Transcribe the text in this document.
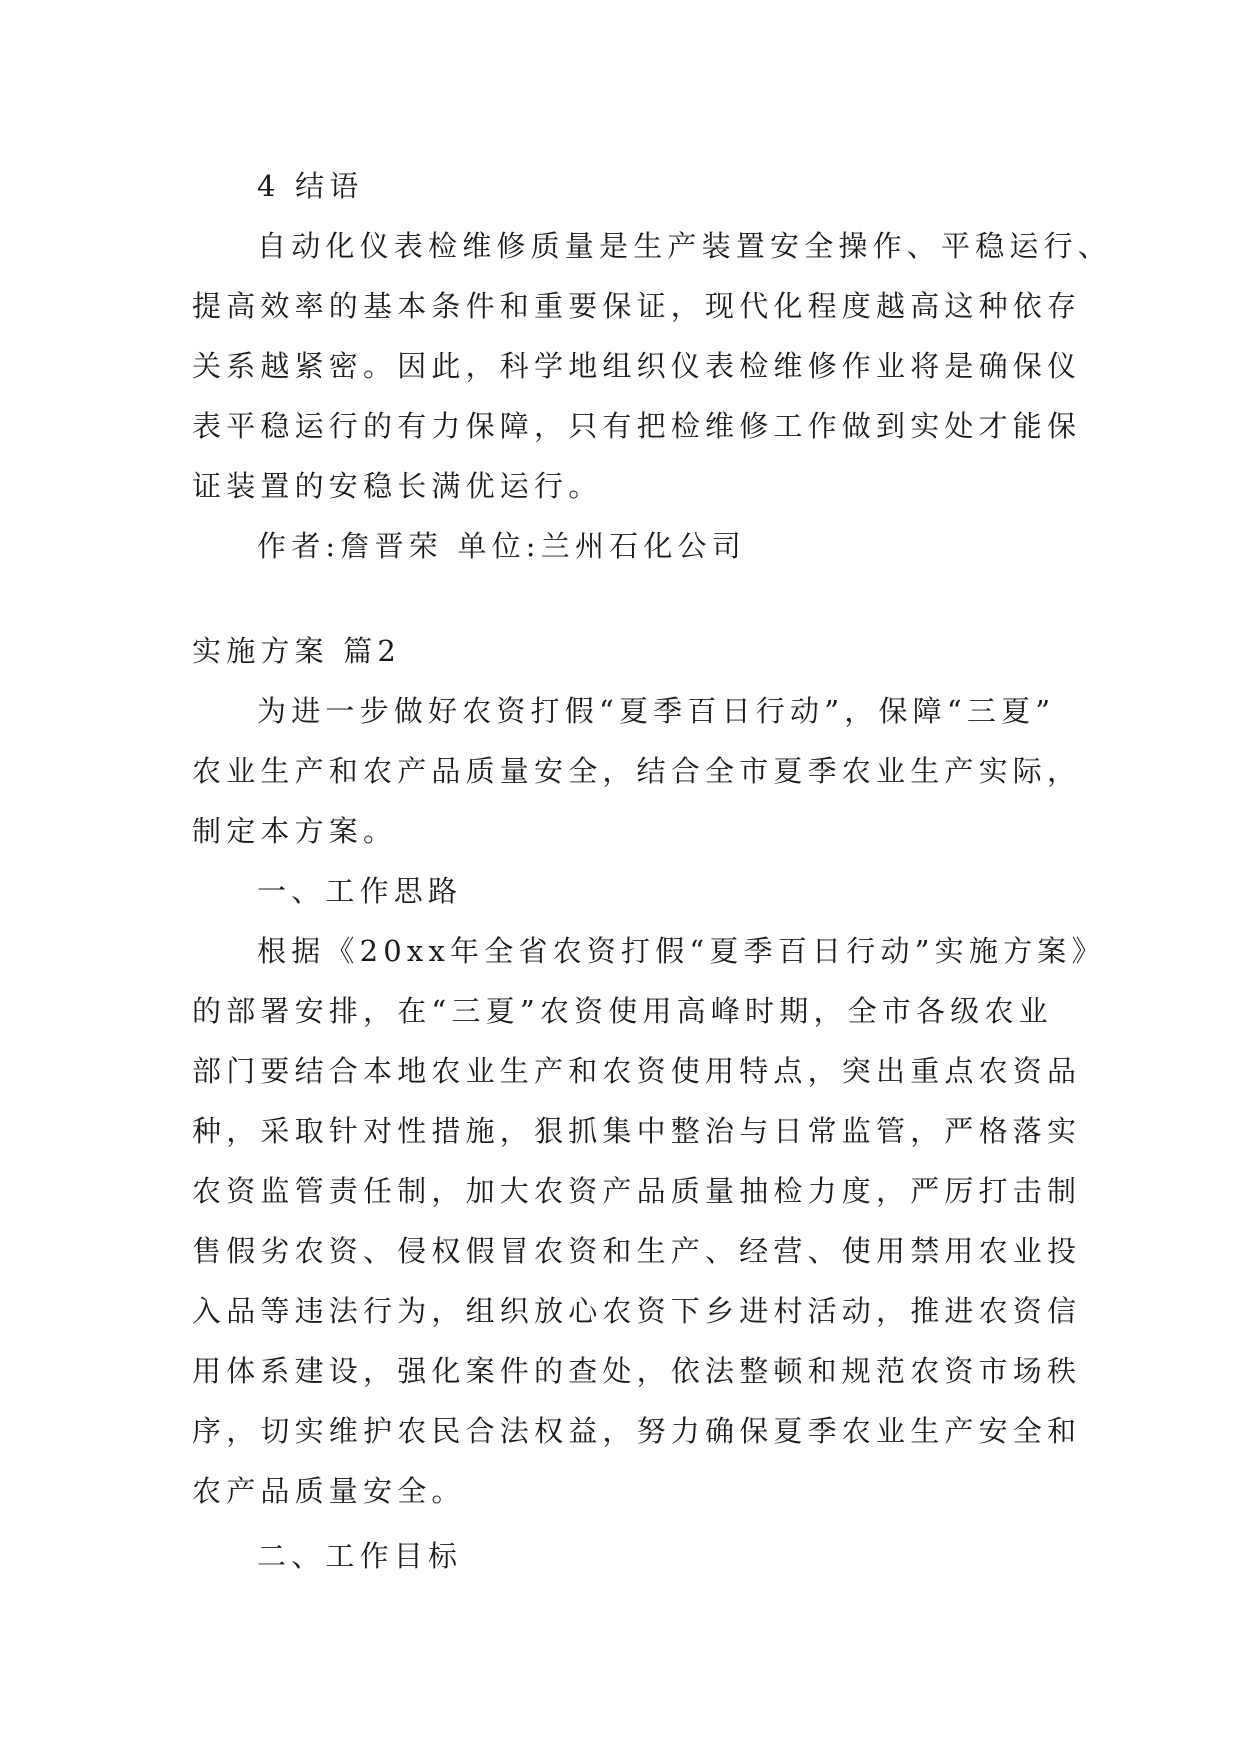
4 结语
自动化仪表检维修质量是生产装置安全操作、平稳运行、
提高效率的基本条件和重要保证，现代化程度越高这种依存
关系越紧密。因此，科学地组织仪表检维修作业将是确保仪
表平稳运行的有力保障，只有把检维修工作做到实处才能保
证装置的安稳长满优运行。
作者:詹晋荣 单位:兰州石化公司
实施方案 篇2
为进一步做好农资打假“夏季百日行动”，保障“三夏”
农业生产和农产品质量安全，结合全市夏季农业生产实际，
制定本方案。
一、工作思路
根据《20xx年全省农资打假“夏季百日行动”实施方案》
的部署安排，在“三夏”农资使用高峰时期，全市各级农业
部门要结合本地农业生产和农资使用特点，突出重点农资品
种，采取针对性措施，狠抓集中整治与日常监管，严格落实
农资监管责任制，加大农资产品质量抽检力度，严厉打击制
售假劣农资、侵权假冒农资和生产、经营、使用禁用农业投
入品等违法行为，组织放心农资下乡进村活动，推进农资信
用体系建设，强化案件的查处，依法整顿和规范农资市场秩
序，切实维护农民合法权益，努力确保夏季农业生产安全和
农产品质量安全。
二、工作目标
